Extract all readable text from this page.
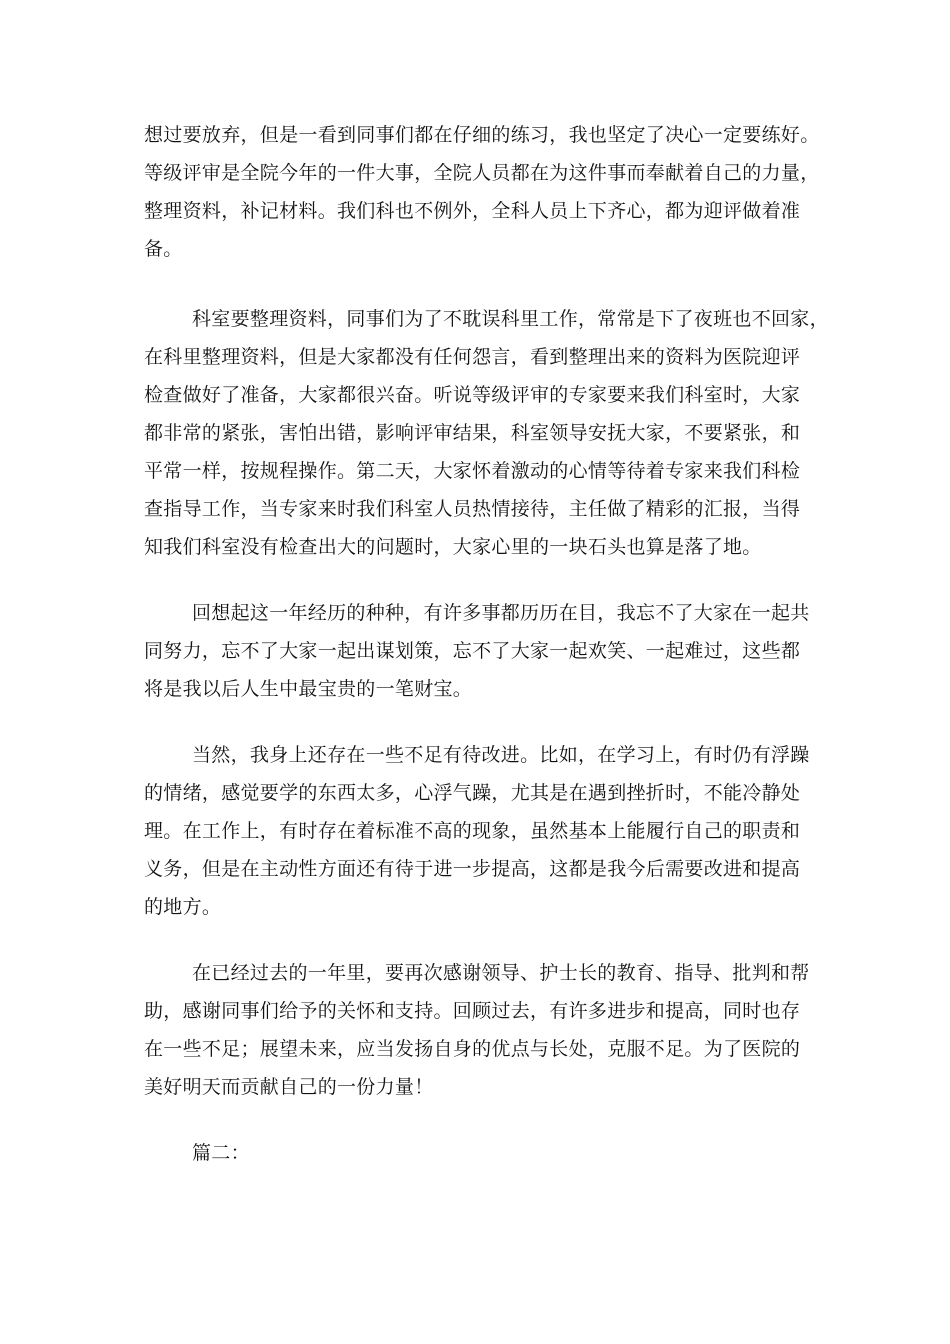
想过要放弃，但是一看到同事们都在仔细的练习，我也坚定了决心一定要练好。
等级评审是全院今年的一件大事，全院人员都在为这件事而奉献着自己的力量，
整理资料，补记材料。我们科也不例外，全科人员上下齐心，都为迎评做着准
备。
科室要整理资料，同事们为了不耽误科里工作，常常是下了夜班也不回家，
在科里整理资料，但是大家都没有任何怨言，看到整理出来的资料为医院迎评
检查做好了准备，大家都很兴奋。听说等级评审的专家要来我们科室时，大家
都非常的紧张，害怕出错，影响评审结果，科室领导安抚大家，不要紧张，和
平常一样，按规程操作。第二天，大家怀着激动的心情等待着专家来我们科检
查指导工作，当专家来时我们科室人员热情接待，主任做了精彩的汇报，当得
知我们科室没有检查出大的问题时，大家心里的一块石头也算是落了地。
回想起这一年经历的种种，有许多事都历历在目，我忘不了大家在一起共
同努力，忘不了大家一起出谋划策，忘不了大家一起欢笑、一起难过，这些都
将是我以后人生中最宝贵的一笔财宝。
当然，我身上还存在一些不足有待改进。比如，在学习上，有时仍有浮躁
的情绪，感觉要学的东西太多，心浮气躁，尤其是在遇到挫折时，不能冷静处
理。在工作上，有时存在着标准不高的现象，虽然基本上能履行自己的职责和
义务，但是在主动性方面还有待于进一步提高，这都是我今后需要改进和提高
的地方。
在已经过去的一年里，要再次感谢领导、护士长的教育、指导、批判和帮
助，感谢同事们给予的关怀和支持。回顾过去，有许多进步和提高，同时也存
在一些不足；展望未来，应当发扬自身的优点与长处，克服不足。为了医院的
美好明天而贡献自己的一份力量！
篇二：
